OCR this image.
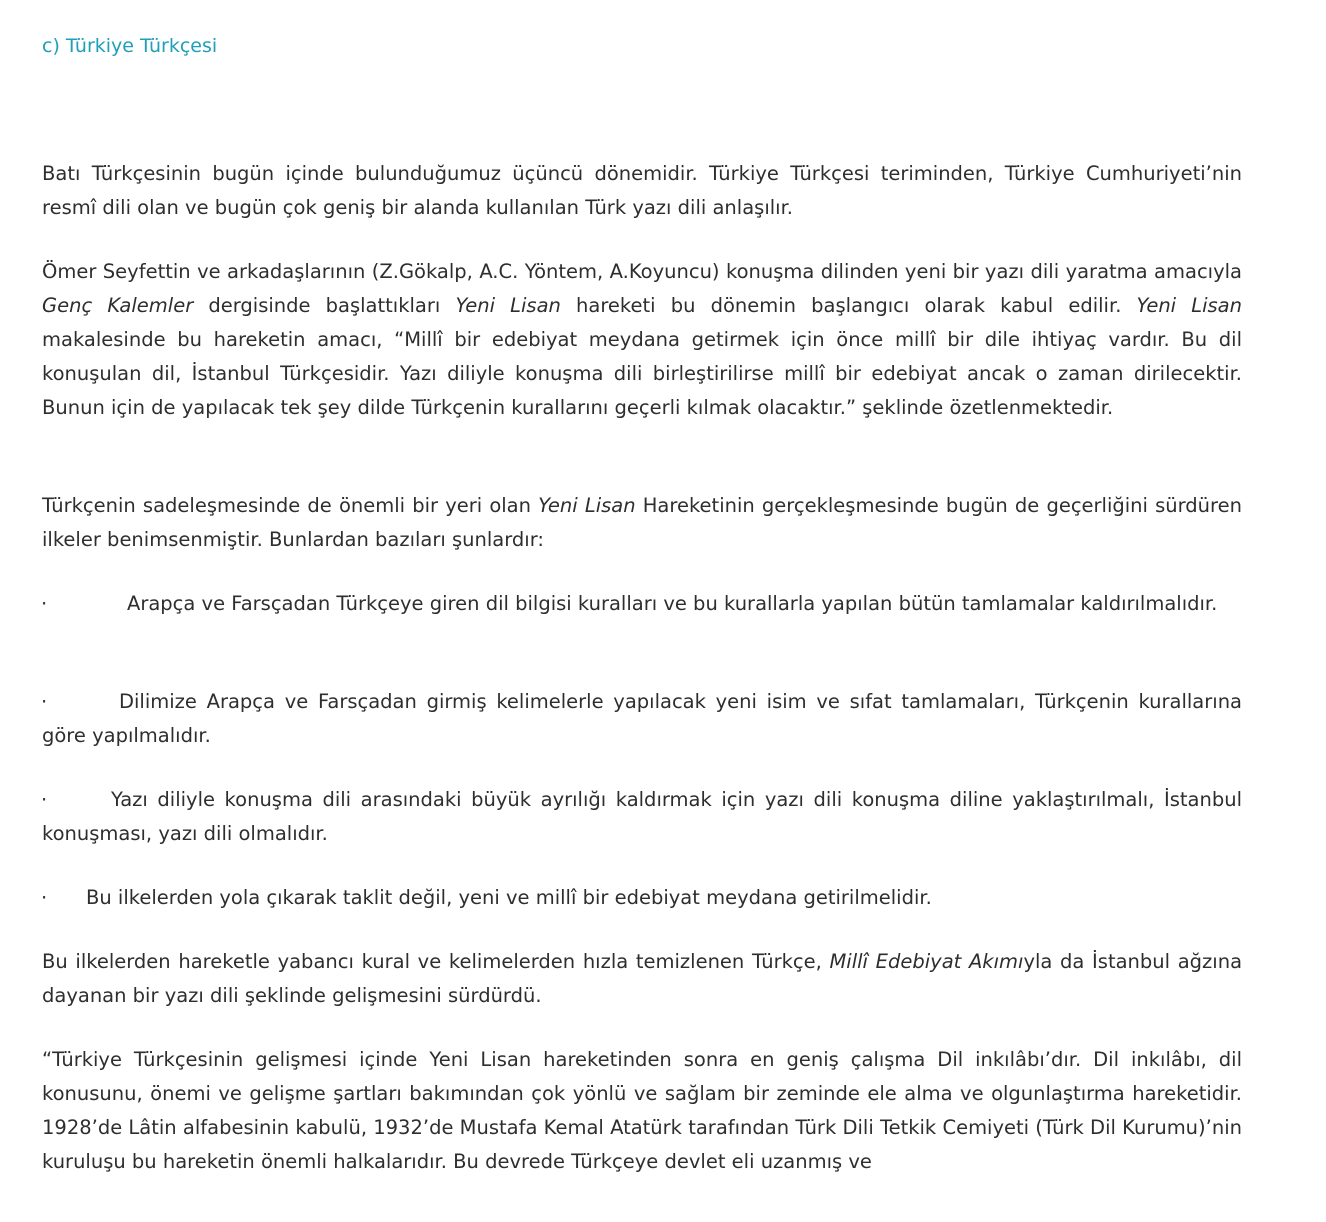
c) Türkiye Türkçesi

Batı Türkçesinin bugün içinde bulunduğumuz üçüncü dönemidir. Türkiye Türkçesi teriminden, Türkiye Cumhuriyeti’nin resmî dili olan ve bugün çok geniş bir alanda kullanılan Türk yazı dili anlaşılır.

Ömer Seyfettin ve arkadaşlarının (Z.Gökalp, A.C. Yöntem, A.Koyuncu) konuşma dilinden yeni bir yazı dili yaratma amacıyla Genç Kalemler dergisinde başlattıkları Yeni Lisan hareketi bu dönemin başlangıcı olarak kabul edilir. Yeni Lisan makalesinde bu hareketin amacı, “Millî bir edebiyat meydana getirmek için önce millî bir dile ihtiyaç vardır. Bu dil konuşulan dil, İstanbul Türkçesidir. Yazı diliyle konuşma dili birleştirilirse millî bir edebiyat ancak o zaman dirilecektir. Bunun için de yapılacak tek şey dilde Türkçenin kurallarını geçerli kılmak olacaktır.” şeklinde özetlenmektedir.

Türkçenin sadeleşmesinde de önemli bir yeri olan Yeni Lisan Hareketinin gerçekleşmesinde bugün de geçerliğini sürdüren ilkeler benimsenmiştir. Bunlardan bazıları şunlardır:

·	Arapça ve Farsçadan Türkçeye giren dil bilgisi kuralları ve bu kurallarla yapılan bütün tamlamalar kaldırılmalıdır.

·	Dilimize Arapça ve Farsçadan girmiş kelimelerle yapılacak yeni isim ve sıfat tamlamaları, Türkçenin kurallarına göre yapılmalıdır.

·	Yazı diliyle konuşma dili arasındaki büyük ayrılığı kaldırmak için yazı dili konuşma diline yaklaştırılmalı, İstanbul konuşması, yazı dili olmalıdır.

· Bu ilkelerden yola çıkarak taklit değil, yeni ve millî bir edebiyat meydana getirilmelidir.

Bu ilkelerden hareketle yabancı kural ve kelimelerden hızla temizlenen Türkçe, Millî Edebiyat Akımıyla da İstanbul ağzına dayanan bir yazı dili şeklinde gelişmesini sürdürdü.

“Türkiye Türkçesinin gelişmesi içinde Yeni Lisan hareketinden sonra en geniş çalışma Dil inkılâbı’dır. Dil inkılâbı, dil konusunu, önemi ve gelişme şartları bakımından çok yönlü ve sağlam bir zeminde ele alma ve olgunlaştırma hareketidir. 1928’de Lâtin alfabesinin kabulü, 1932’de Mustafa Kemal Atatürk tarafından Türk Dili Tetkik Cemiyeti (Türk Dil Kurumu)’nin kuruluşu bu hareketin önemli halkalarıdır. Bu devrede Türkçeye devlet eli uzanmış ve
